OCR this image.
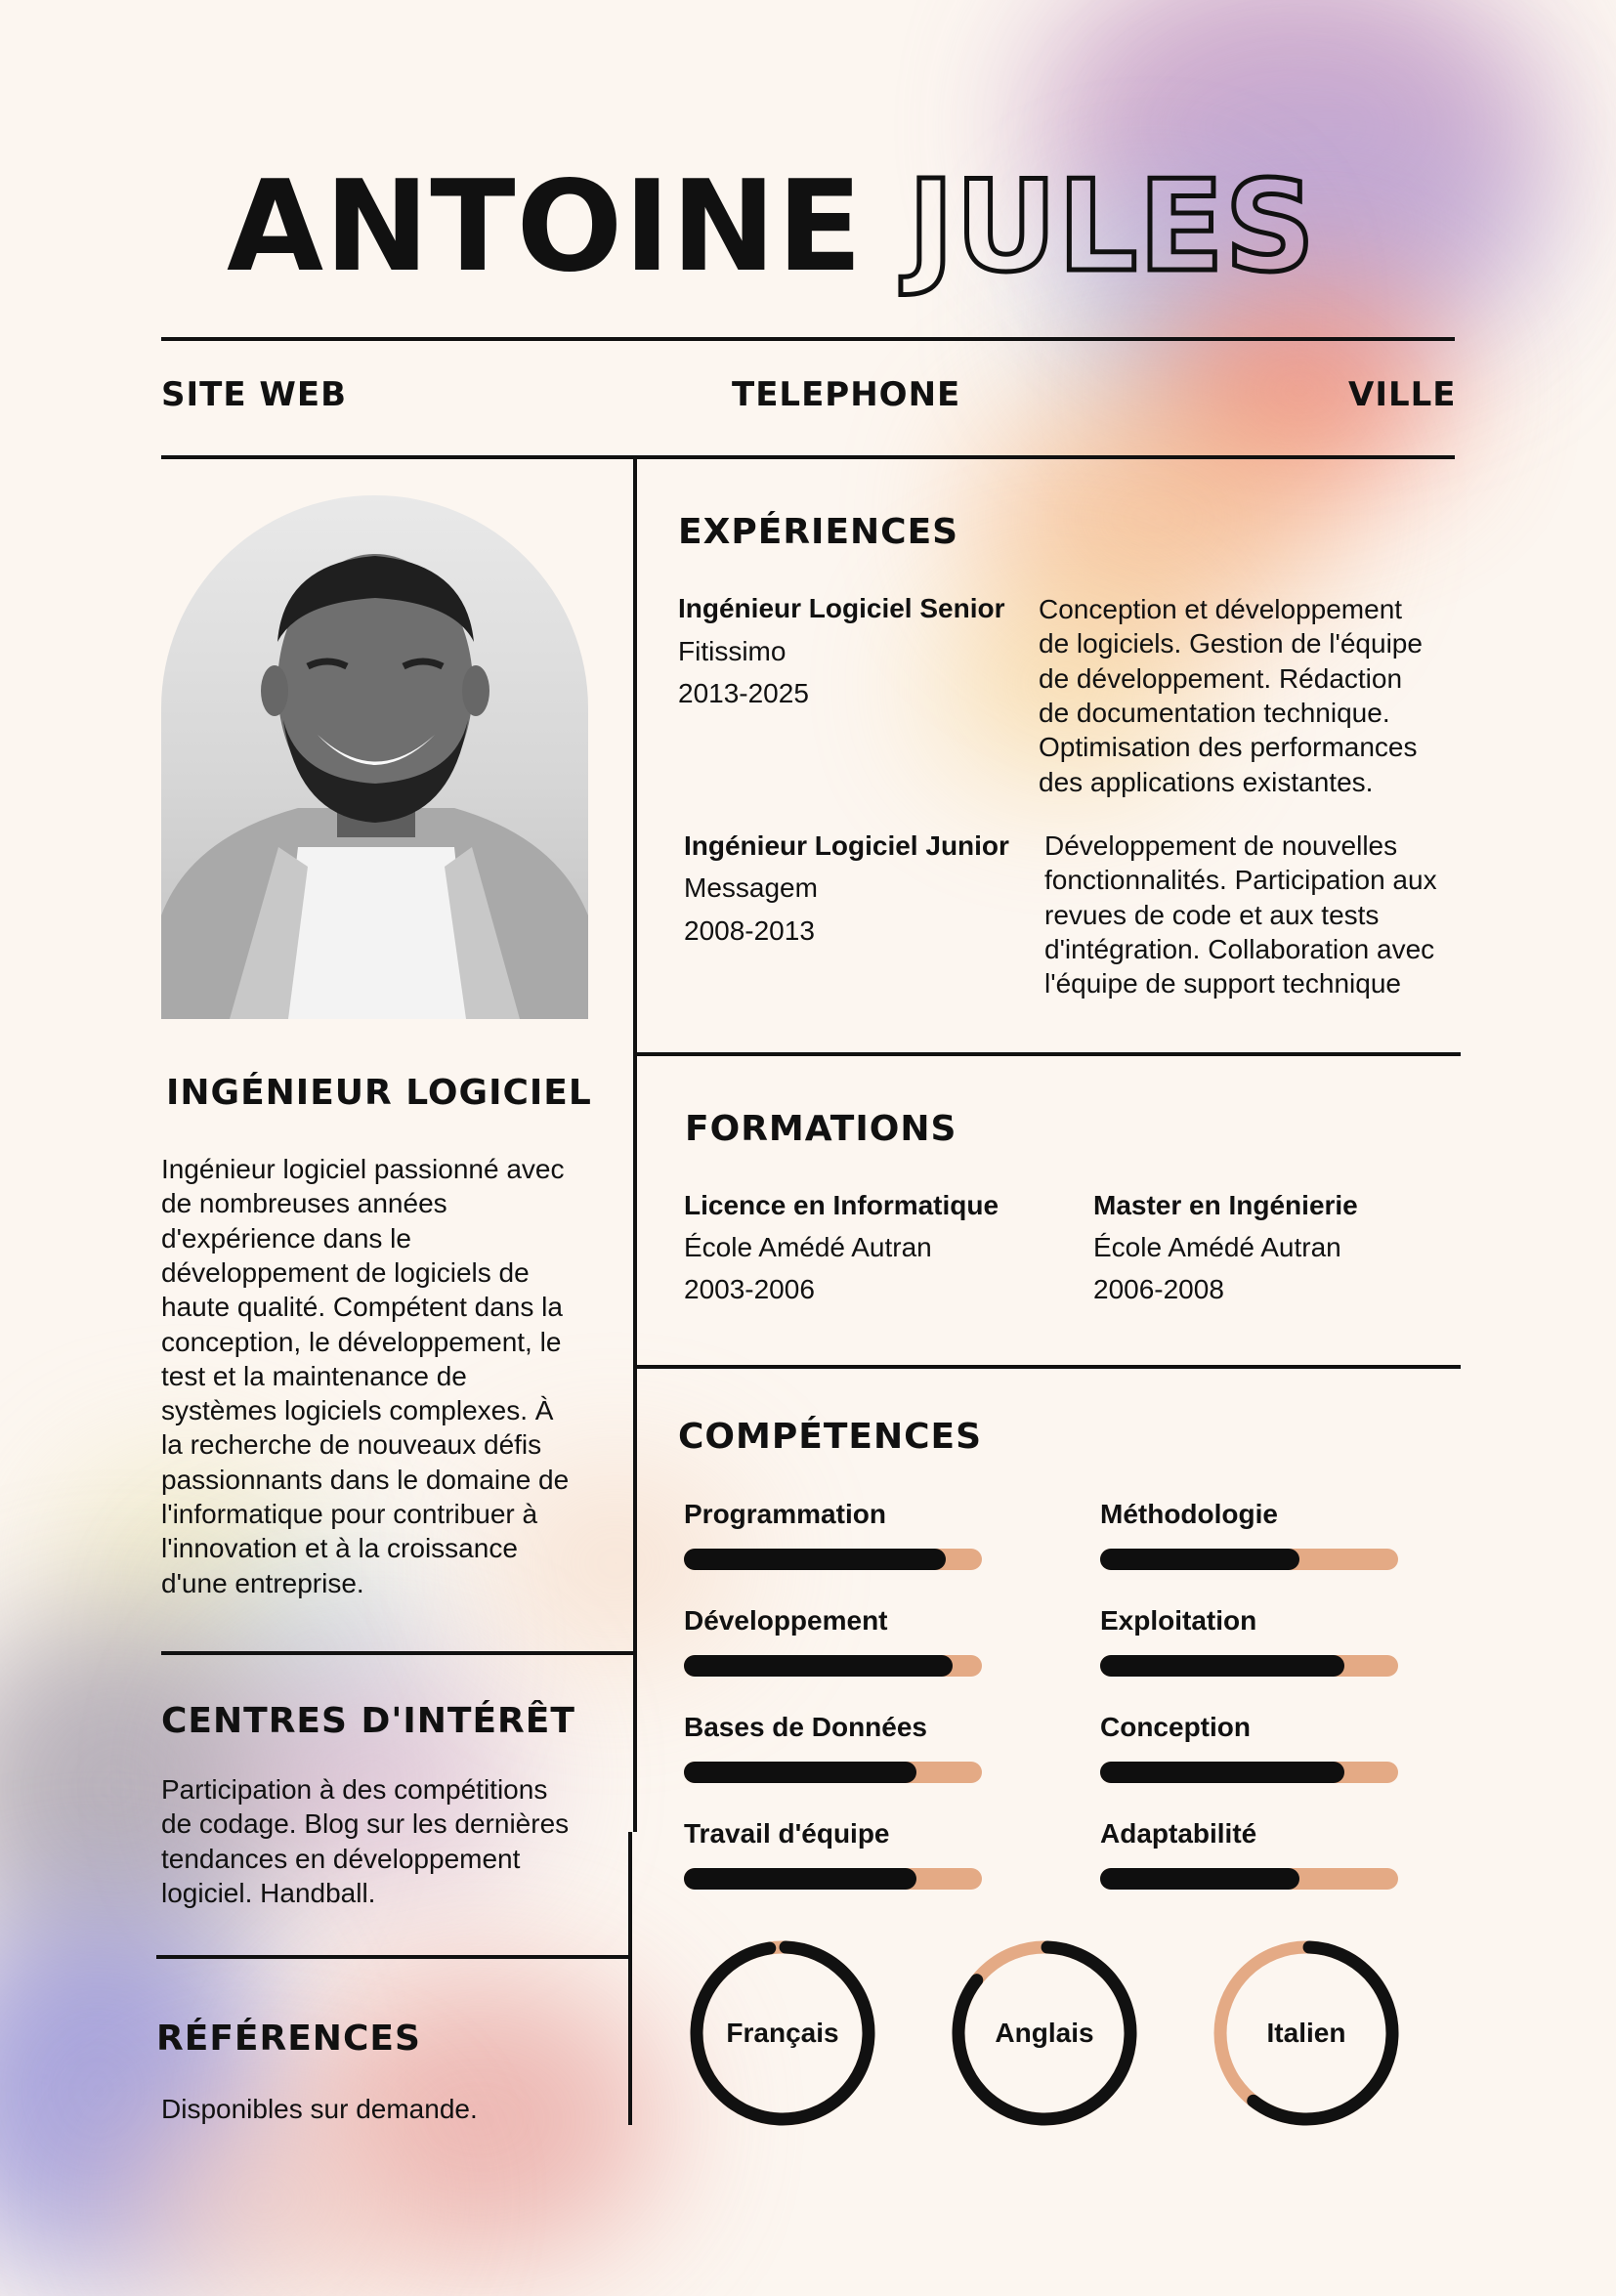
ANTOINE JULES
SITE WEB	TELEPHONE	VILLE
INGÉNIEUR LOGICIEL
Ingénieur logiciel passionné avec
de nombreuses années
d'expérience dans le
développement de logiciels de
haute qualité. Compétent dans la
conception, le développement, le
test et la maintenance de
systèmes logiciels complexes. À
la recherche de nouveaux défis
passionnants dans le domaine de
l'informatique pour contribuer à
l'innovation et à la croissance
d'une entreprise.
CENTRES D'INTÉRÊT
Participation à des compétitions
de codage. Blog sur les dernières
tendances en développement
logiciel. Handball.
RÉFÉRENCES
Disponibles sur demande.
EXPÉRIENCES
Ingénieur Logiciel Senior
Fitissimo
2013-2025
Conception et développement
de logiciels. Gestion de l'équipe
de développement. Rédaction
de documentation technique.
Optimisation des performances
des applications existantes.
Ingénieur Logiciel Junior
Messagem
2008-2013
Développement de nouvelles
fonctionnalités. Participation aux
revues de code et aux tests
d'intégration. Collaboration avec
l'équipe de support technique
FORMATIONS
Licence en Informatique
École Amédé Autran
2003-2006
Master en Ingénierie
École Amédé Autran
2006-2008
COMPÉTENCES
Programmation	Méthodologie
Développement	Exploitation
Bases de Données	Conception
Travail d'équipe	Adaptabilité
Français	Anglais	Italien
